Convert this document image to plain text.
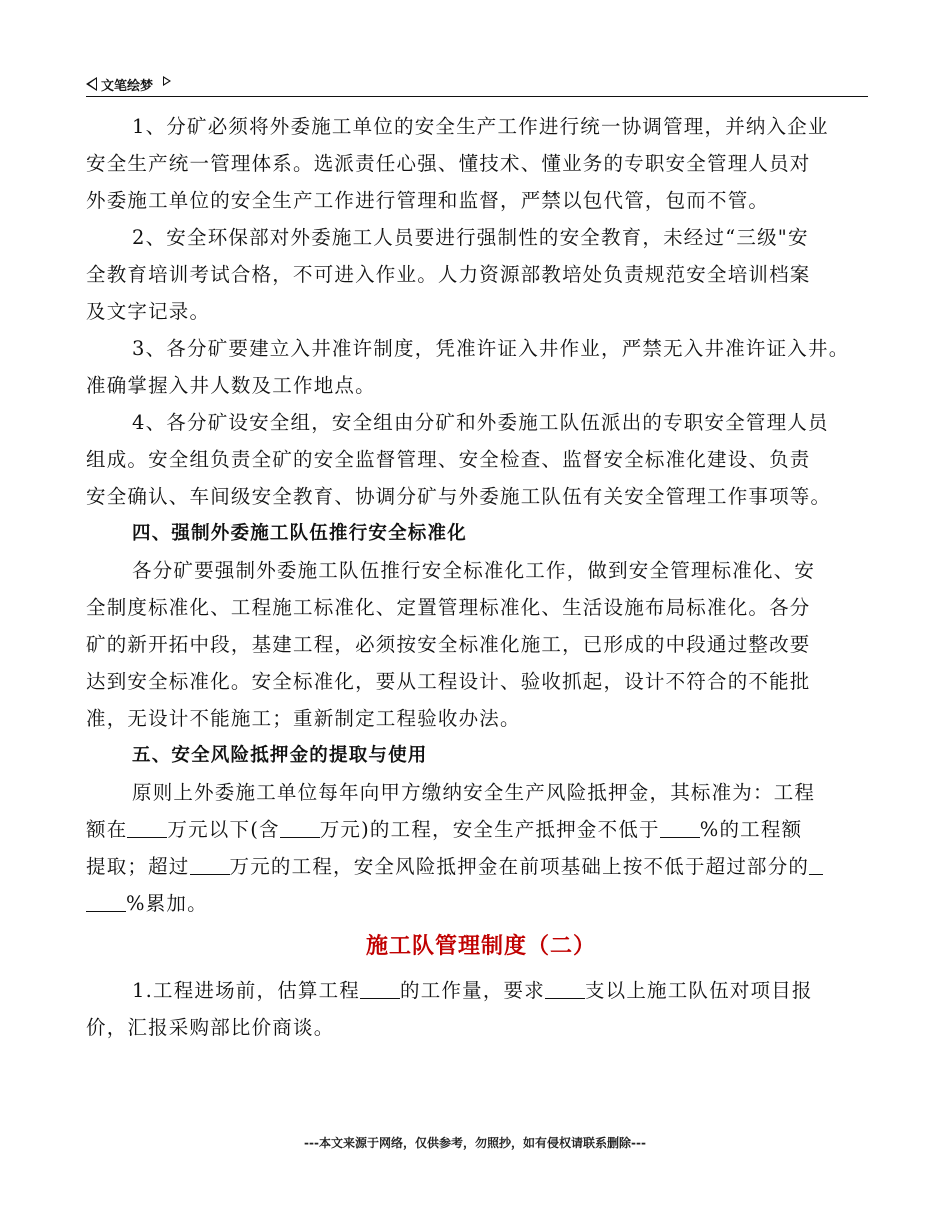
文笔绘梦
1、分矿必须将外委施工单位的安全生产工作进行统一协调管理，并纳入企业
安全生产统一管理体系。选派责任心强、懂技术、懂业务的专职安全管理人员对
外委施工单位的安全生产工作进行管理和监督，严禁以包代管，包而不管。
2、安全环保部对外委施工人员要进行强制性的安全教育，未经过“三级"安
全教育培训考试合格，不可进入作业。人力资源部教培处负责规范安全培训档案
及文字记录。
3、各分矿要建立入井准许制度，凭准许证入井作业，严禁无入井准许证入井。
准确掌握入井人数及工作地点。
4、各分矿设安全组，安全组由分矿和外委施工队伍派出的专职安全管理人员
组成。安全组负责全矿的安全监督管理、安全检查、监督安全标准化建设、负责
安全确认、车间级安全教育、协调分矿与外委施工队伍有关安全管理工作事项等。
四、强制外委施工队伍推行安全标准化
各分矿要强制外委施工队伍推行安全标准化工作，做到安全管理标准化、安
全制度标准化、工程施工标准化、定置管理标准化、生活设施布局标准化。各分
矿的新开拓中段，基建工程，必须按安全标准化施工，已形成的中段通过整改要
达到安全标准化。安全标准化，要从工程设计、验收抓起，设计不符合的不能批
准，无设计不能施工；重新制定工程验收办法。
五、安全风险抵押金的提取与使用
原则上外委施工单位每年向甲方缴纳安全生产风险抵押金，其标准为：工程
额在 万元以下(含 万元)的工程，安全生产抵押金不低于 %的工程额
提取；超过 万元的工程，安全风险抵押金在前项基础上按不低于超过部分的
%累加。
施工队管理制度（二）
1.工程进场前，估算工程 的工作量，要求 支以上施工队伍对项目报
价，汇报采购部比价商谈。
---本文来源于网络，仅供参考，勿照抄，如有侵权请联系删除---
